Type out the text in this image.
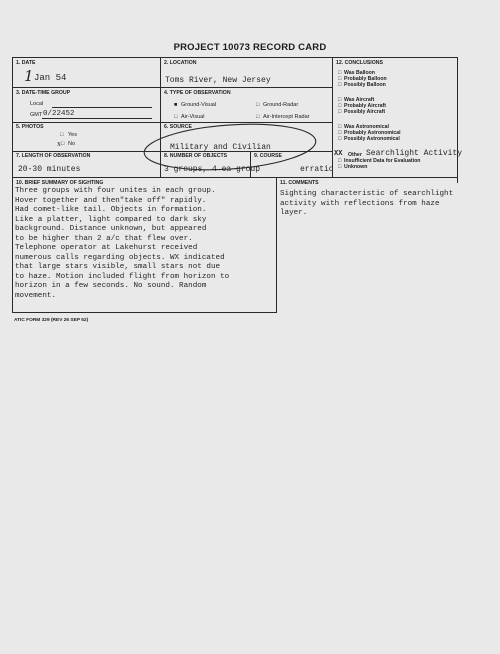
PROJECT 10073 RECORD CARD
1. DATE
1 Jan 54
2. LOCATION
Toms River, New Jersey
3. DATE-TIME GROUP
Local
GMT 0/22452
4. TYPE OF OBSERVATION
■ Ground-Visual	□ Ground-Radar
□ Air-Visual	□ Air-Intercept Radar
5. PHOTOS
□ Yes
x □ No
6. SOURCE
Military and Civilian
7. LENGTH OF OBSERVATION
20-30 minutes
8. NUMBER OF OBJECTS
3 groups, 4 ea group
9. COURSE
erratic
12. CONCLUSIONS
□  Was Balloon
□  Probably Balloon
□  Possibly Balloon
□  Was Aircraft
□  Probably Aircraft
□  Possibly Aircraft
□  Was Astronomical
□  Probably Astronomical
□  Possibly Astronomical
XX Other Searchlight Activity
□  Insufficient Data for Evaluation
□  Unknown
10. BRIEF SUMMARY OF SIGHTING
Three groups with four unites in each group.
Hover together and then"take off" rapidly.
Had comet-like tail. Objects in formation.
Like a platter, light compared to dark sky
background. Distance unknown, but appeared
to be higher than 2 a/c that flew over.
Telephone operator at Lakehurst received
numerous calls regarding objects. WX indicated
that large stars visible, small stars not due
to haze. Motion included flight from horizon to
horizon in a few seconds. No sound. Random
movement.
11. COMMENTS
Sighting characteristic of searchlight
activity with reflections from haze
layer.
ATIC FORM 329 (REV 26 SEP 52)
